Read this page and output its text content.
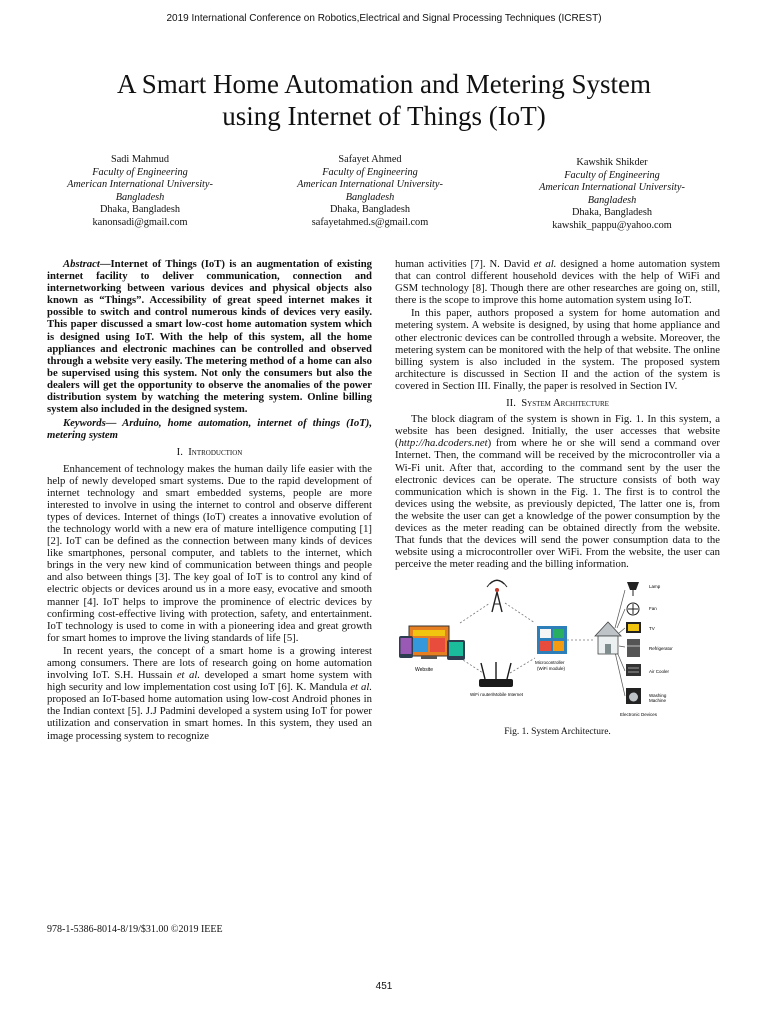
2019 International Conference on Robotics,Electrical and Signal Processing Techniques (ICREST)
A Smart Home Automation and Metering System
using Internet of Things (IoT)
Sadi Mahmud
Faculty of Engineering
American International University-
Bangladesh
Dhaka, Bangladesh
kanonsadi@gmail.com
Safayet Ahmed
Faculty of Engineering
American International University-
Bangladesh
Dhaka, Bangladesh
safayetahmed.s@gmail.com
Kawshik Shikder
Faculty of Engineering
American International University-
Bangladesh
Dhaka, Bangladesh
kawshik_pappu@yahoo.com

Abstract—Internet of Things (IoT) is an augmentation of existing internet facility to deliver communication, connection and internetworking between various devices and physical objects also known as “Things”. Accessibility of great speed internet makes it possible to switch and control numerous kinds of devices very easily. This paper discussed a smart low-cost home automation system which is designed using IoT. With the help of this system, all the home appliances and electronic machines can be controlled and observed through a website very easily. The metering method of a home can also be supervised using this system. Not only the consumers but also the dealers will get the opportunity to observe the anomalies of the power distribution system by watching the metering system. Online billing system also included in the designed system.

Keywords— Arduino, home automation, internet of things (IoT), metering system

I. Introduction

Enhancement of technology makes the human daily life easier with the help of newly developed smart systems. Due to the rapid development of internet technology and smart embedded systems, people are more interested to involve in using the internet to control and observe different types of devices. Internet of things (IoT) creates a innovative evolution of the technology world with a new era of mature intelligence computing [1][2]. IoT can be defined as the connection between many kinds of devices like smartphones, personal computer, and tablets to the internet, which brings in the very new kind of communication between things and people and also between things [3]. The key goal of IoT is to control any kind of electric objects or devices around us in a more easy, evocative and smooth manner [4]. IoT helps to improve the prominence of electric devices by confirming cost-effective living with protection, safety, and entertainment. IoT technology is used to come in with a pioneering idea and great growth for smart homes to improve the living standards of life [5].

In recent years, the concept of a smart home is a growing interest among consumers. There are lots of research going on home automation involving IoT. S.H. Hussain et al. developed a smart home system with high security and low implementation cost using IoT [6]. K. Mandula et al. proposed an IoT-based home automation using low-cost Android phones in the Indian context [5]. J.J Padmini developed a system using IoT for power utilization and conservation in smart homes. In this system, they used an image processing system to recognize

human activities [7]. N. David et al. designed a home automation system that can control different household devices with the help of WiFi and GSM technology [8]. Though there are other researches are going on, still, there is the scope to improve this home automation system using IoT.

In this paper, authors proposed a system for home automation and metering system. A website is designed, by using that home appliance and other electronic devices can be controlled through a website. Moreover, the metering system can be monitored with the help of that website. The online billing system is also included in the system. The proposed system architecture is discussed in Section II and the action of the system is covered in Section III. Finally, the paper is resolved in Section IV.

II. System Architecture

The block diagram of the system is shown in Fig. 1. In this system, a website has been designed. Initially, the user accesses that website (http://ha.dcoders.net) from where he or she will send a command over Internet. Then, the command will be received by the microcontroller via a Wi-Fi unit. After that, according to the command sent by the user the electronic devices can be operate. The structure consists of both way communication which is shown in the Fig. 1. The first is to control the devices using the website, as previously depicted, The latter one is, from the website the user can get a knowledge of the power consumption by the devices as the meter reading can be obtained directly from the website. That funds that the devices will send the power consumption data to the website using a microcontroller over WiFi. From the website, the user can perceive the meter reading and the billing information.

Website
WiFi router/Mobile Internet
Microcontroller
(WiFi module)
Lamp
Fan
TV
Refrigerator
Air Cooler
Washing
Machine
Electronic Devices
Fig. 1. System Architecture.
978-1-5386-8014-8/19/$31.00 ©2019 IEEE
451
